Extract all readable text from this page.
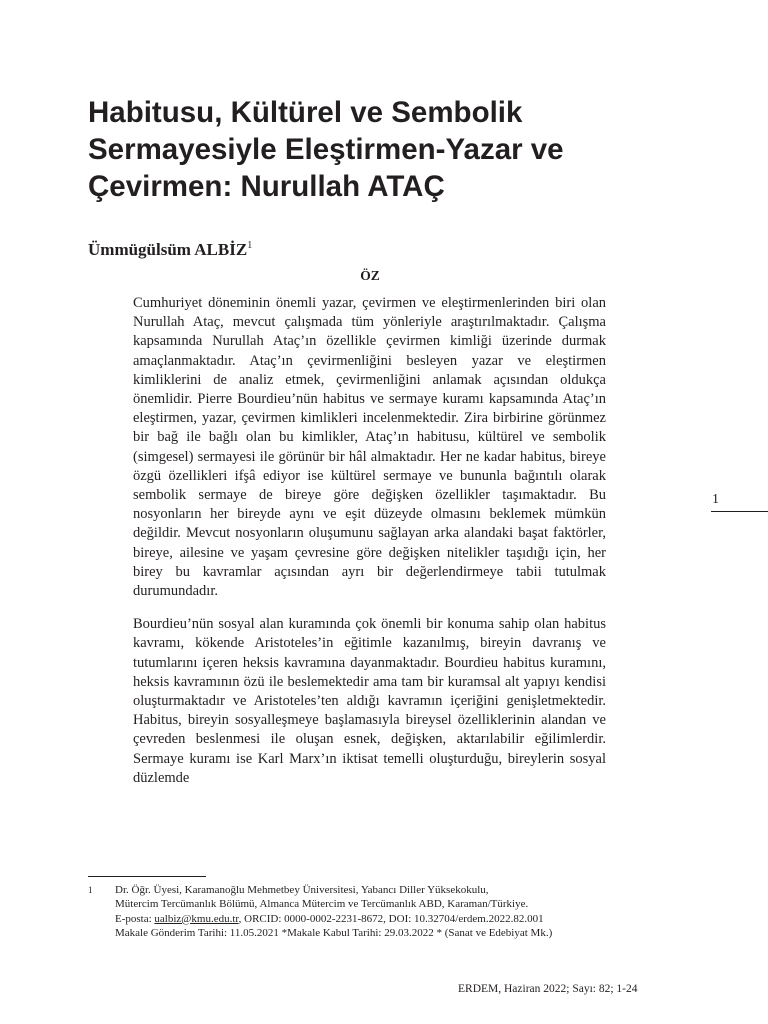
Habitusu, Kültürel ve Sembolik
Sermayesiyle Eleştirmen-Yazar ve
Çevirmen: Nurullah ATAÇ
Ümmügülsüm ALBİZ$^1$
ÖZ

Cumhuriyet döneminin önemli yazar, çevirmen ve eleştirmenlerinden biri olan Nurullah Ataç, mevcut çalışmada tüm yönleriyle araştırılmaktadır. Çalışma kapsamında Nurullah Ataç’ın özellikle çevirmen kimliği üzerinde durmak amaçlanmaktadır. Ataç’ın çevirmenliğini besleyen yazar ve eleştirmen kimliklerini de analiz etmek, çevirmenliğini anlamak açısından oldukça önemlidir. Pierre Bourdieu’nün habitus ve sermaye kuramı kapsamında Ataç’ın eleştirmen, yazar, çevirmen kimlikleri incelenmektedir. Zira birbirine görünmez bir bağ ile bağlı olan bu kimlikler, Ataç’ın habitusu, kültürel ve sembolik (simgesel) sermayesi ile görünür bir hâl almaktadır. Her ne kadar habitus, bireye özgü özellikleri ifşâ ediyor ise kültürel sermaye ve bununla bağıntılı olarak sembolik sermaye de bireye göre değişken özellikler taşımaktadır. Bu nosyonların her bireyde aynı ve eşit düzeyde olmasını beklemek mümkün değildir. Mevcut nosyonların oluşumunu sağlayan arka alandaki başat faktörler, bireye, ailesine ve yaşam çevresine göre değişken nitelikler taşıdığı için, her birey bu kavramlar açısından ayrı bir değerlendirmeye tabii tutulmak durumundadır.

Bourdieu’nün sosyal alan kuramında çok önemli bir konuma sahip olan habitus kavramı, kökende Aristoteles’in eğitimle kazanılmış, bireyin davranış ve tutumlarını içeren heksis kavramına dayanmaktadır. Bourdieu habitus kuramını, heksis kavramının özü ile beslemektedir ama tam bir kuramsal alt yapıyı kendisi oluşturmaktadır ve Aristoteles’ten aldığı kavramın içeriğini genişletmektedir. Habitus, bireyin sosyalleşmeye başlamasıyla bireysel özelliklerinin alandan ve çevreden beslenmesi ile oluşan esnek, değişken, aktarılabilir eğilimlerdir. Sermaye kuramı ise Karl Marx’ın iktisat temelli oluşturduğu, bireylerin sosyal düzlemde

1
1 Dr. Öğr. Üyesi, Karamanoğlu Mehmetbey Üniversitesi, Yabancı Diller Yüksekokulu,
Mütercim Tercümanlık Bölümü, Almanca Mütercim ve Tercümanlık ABD, Karaman/Türkiye.
E-posta: ualbiz@kmu.edu.tr, ORCID: 0000-0002-2231-8672, DOI: 10.32704/erdem.2022.82.001
Makale Gönderim Tarihi: 11.05.2021 *Makale Kabul Tarihi: 29.03.2022 * (Sanat ve Edebiyat Mk.)
ERDEM, Haziran 2022; Sayı: 82; 1-24
